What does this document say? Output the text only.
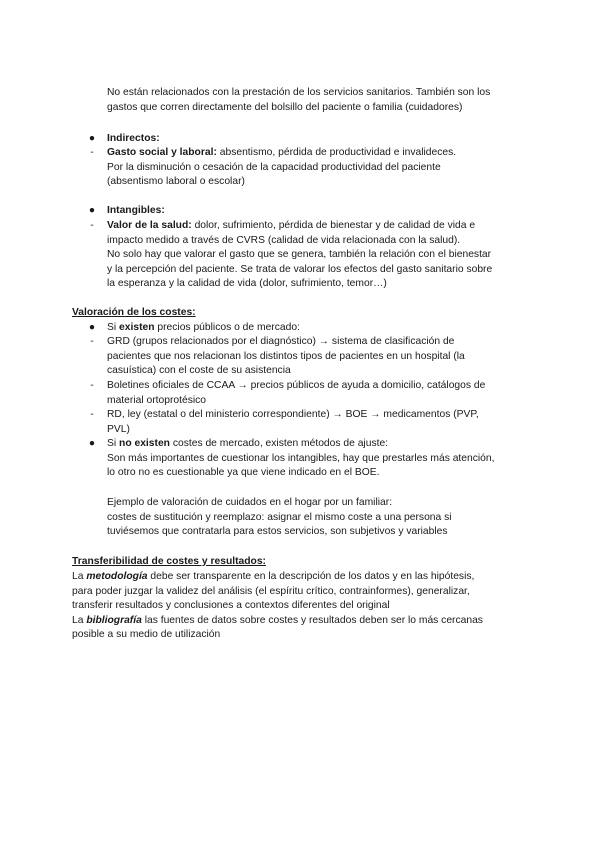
No están relacionados con la prestación de los servicios sanitarios. También son los
gastos que corren directamente del bolsillo del paciente o familia (cuidadores)
● Indirectos:
-	Gasto social y laboral: absentismo, pérdida de productividad e invalideces.
Por la disminución o cesación de la capacidad productividad del paciente
(absentismo laboral o escolar)
● Intangibles:
-	Valor de la salud: dolor, sufrimiento, pérdida de bienestar y de calidad de vida e
impacto medido a través de CVRS (calidad de vida relacionada con la salud).
No solo hay que valorar el gasto que se genera, también la relación con el bienestar
y la percepción del paciente. Se trata de valorar los efectos del gasto sanitario sobre
la esperanza y la calidad de vida (dolor, sufrimiento, temor…)
Valoración de los costes:
● Si existen precios públicos o de mercado:
-	GRD (grupos relacionados por el diagnóstico) → sistema de clasificación de
pacientes que nos relacionan los distintos tipos de pacientes en un hospital (la
casuística) con el coste de su asistencia
-	Boletines oficiales de CCAA → precios públicos de ayuda a domicilio, catálogos de
material ortoprotésico
-	RD, ley (estatal o del ministerio correspondiente) → BOE → medicamentos (PVP,
PVL)
● Si no existen costes de mercado, existen métodos de ajuste:
Son más importantes de cuestionar los intangibles, hay que prestarles más atención,
lo otro no es cuestionable ya que viene indicado en el BOE.
Ejemplo de valoración de cuidados en el hogar por un familiar:
costes de sustitución y reemplazo: asignar el mismo coste a una persona si
tuviésemos que contratarla para estos servicios, son subjetivos y variables
Transferibilidad de costes y resultados:
La metodología debe ser transparente en la descripción de los datos y en las hipótesis,
para poder juzgar la validez del análisis (el espíritu crítico, contrainformes), generalizar,
transferir resultados y conclusiones a contextos diferentes del original
La bibliografía las fuentes de datos sobre costes y resultados deben ser lo más cercanas
posible a su medio de utilización
